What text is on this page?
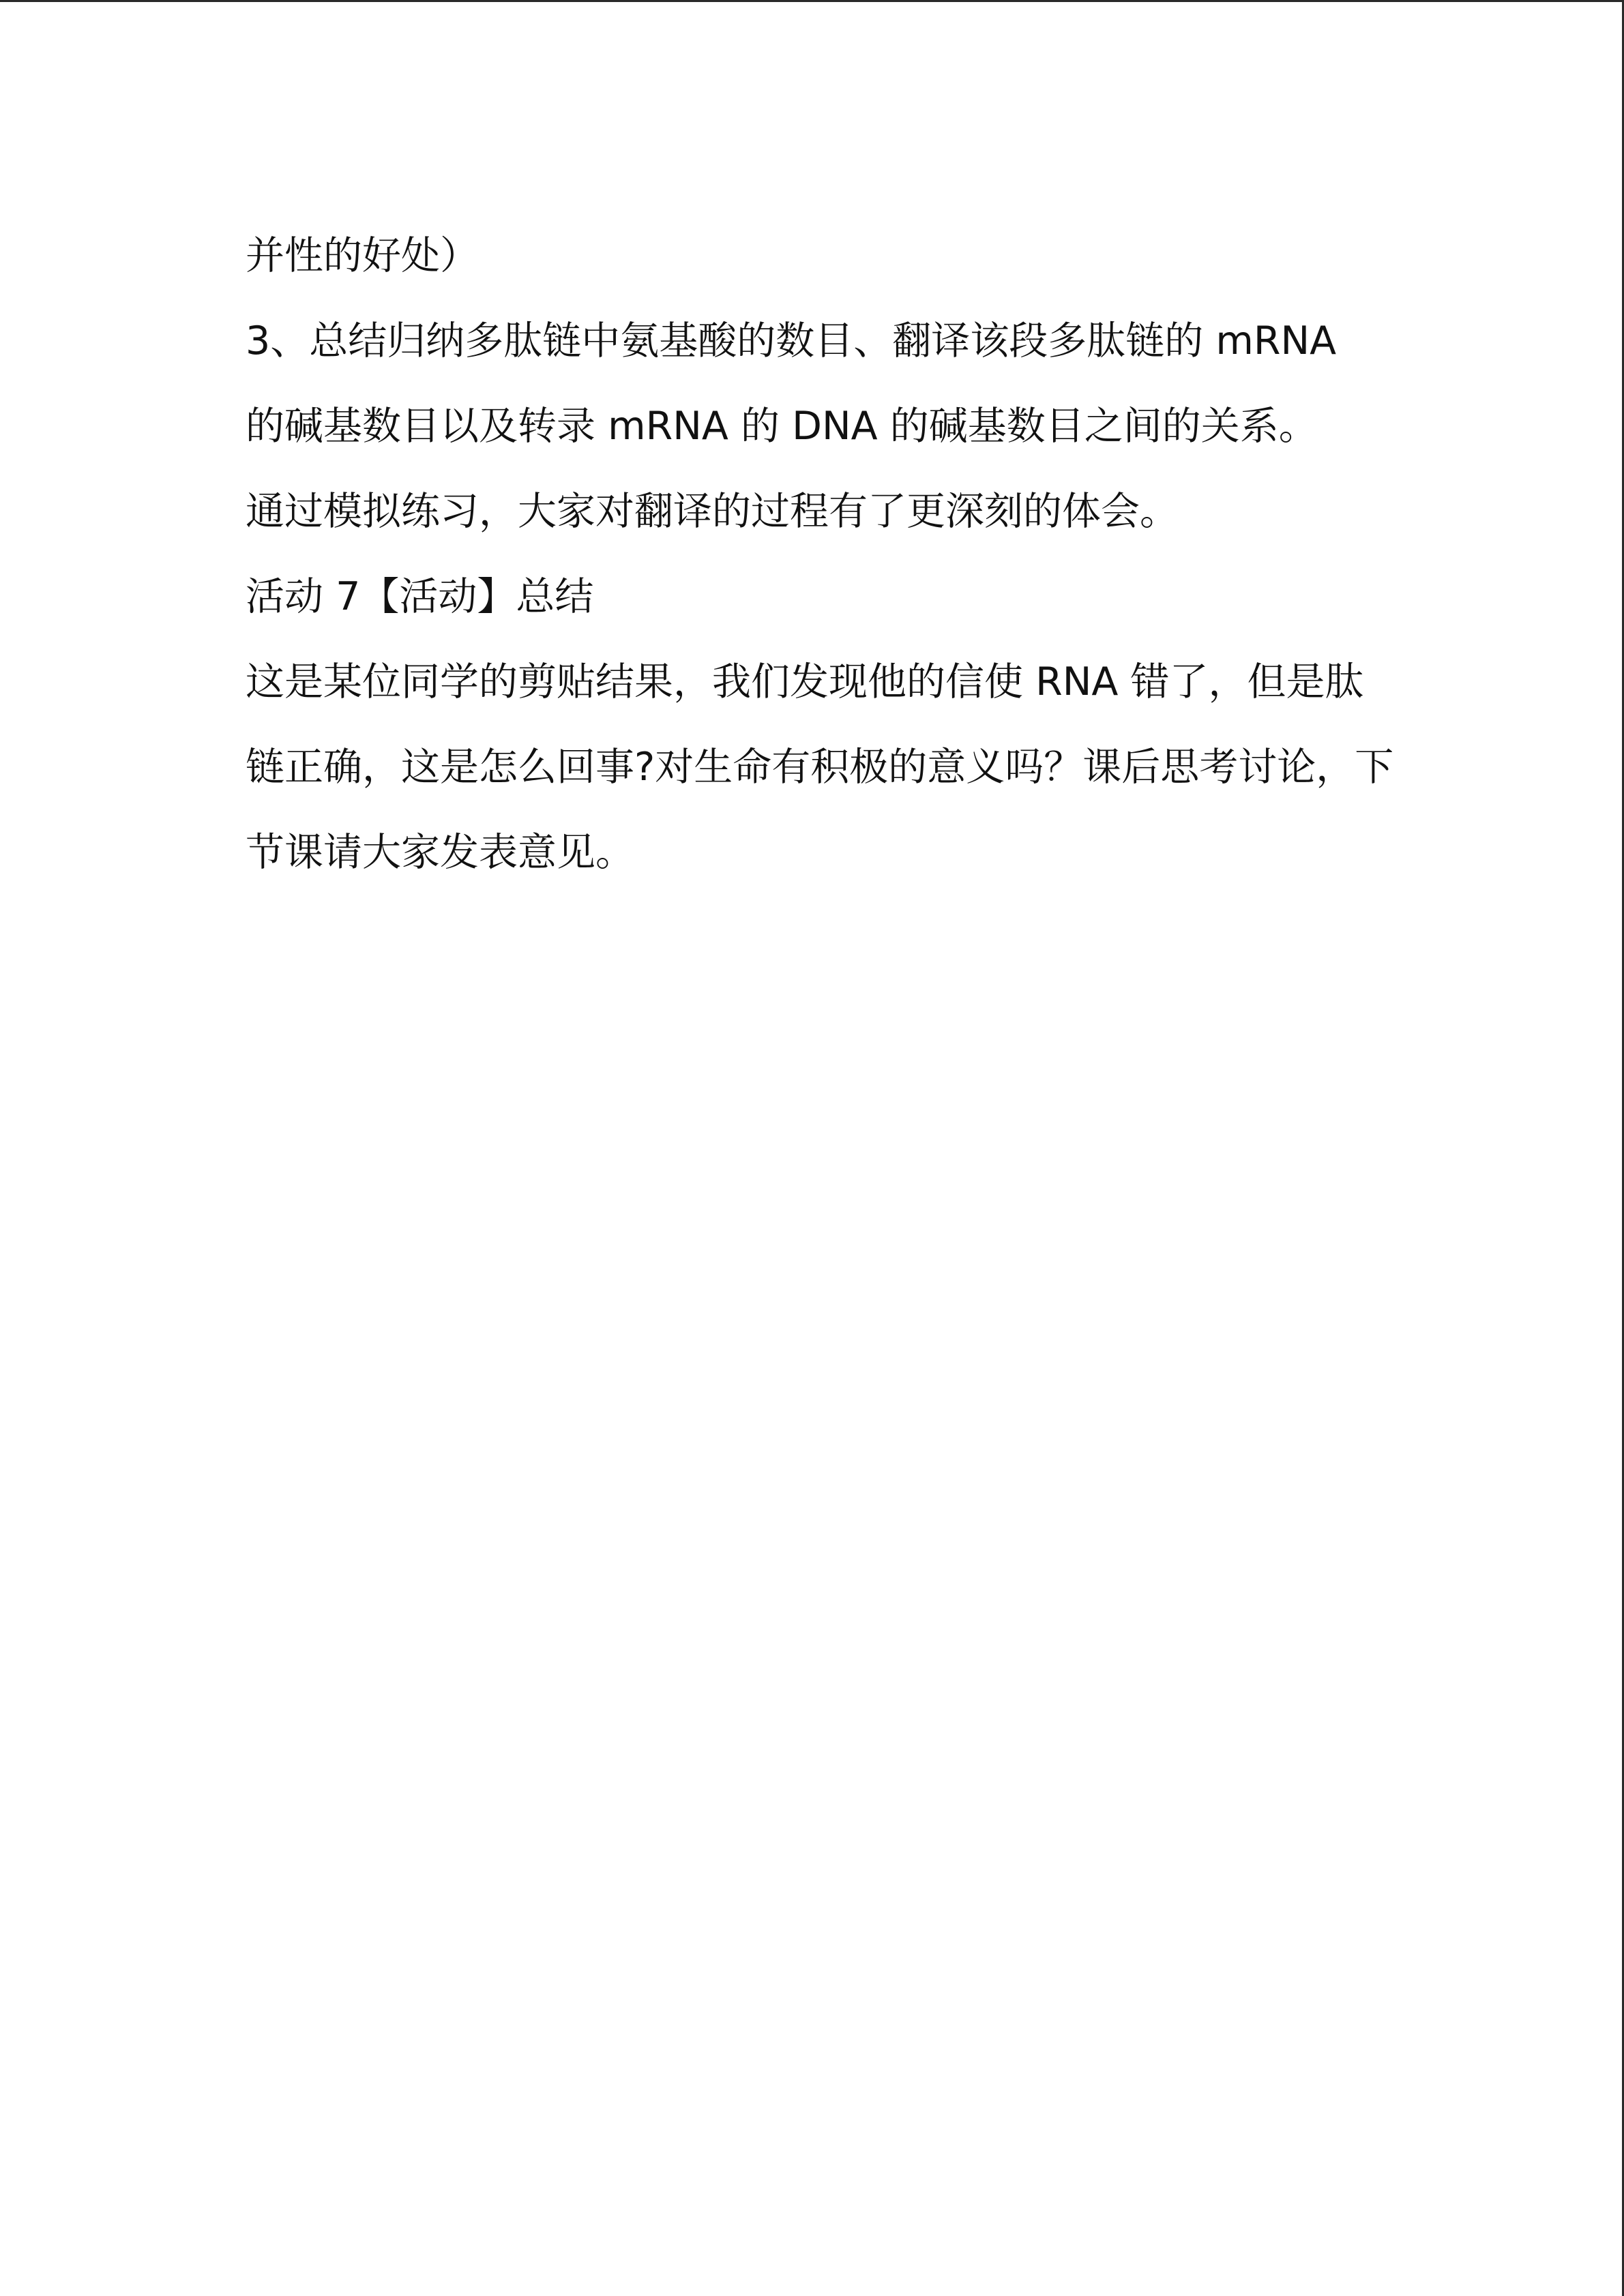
并性的好处）
3、总结归纳多肽链中氨基酸的数目、翻译该段多肽链的 mRNA
的碱基数目以及转录 mRNA 的 DNA 的碱基数目之间的关系。
通过模拟练习，大家对翻译的过程有了更深刻的体会。
活动 7【活动】总结
这是某位同学的剪贴结果，我们发现他的信使 RNA 错了，但是肽
链正确，这是怎么回事?对生命有积极的意义吗？课后思考讨论，下
节课请大家发表意见。
